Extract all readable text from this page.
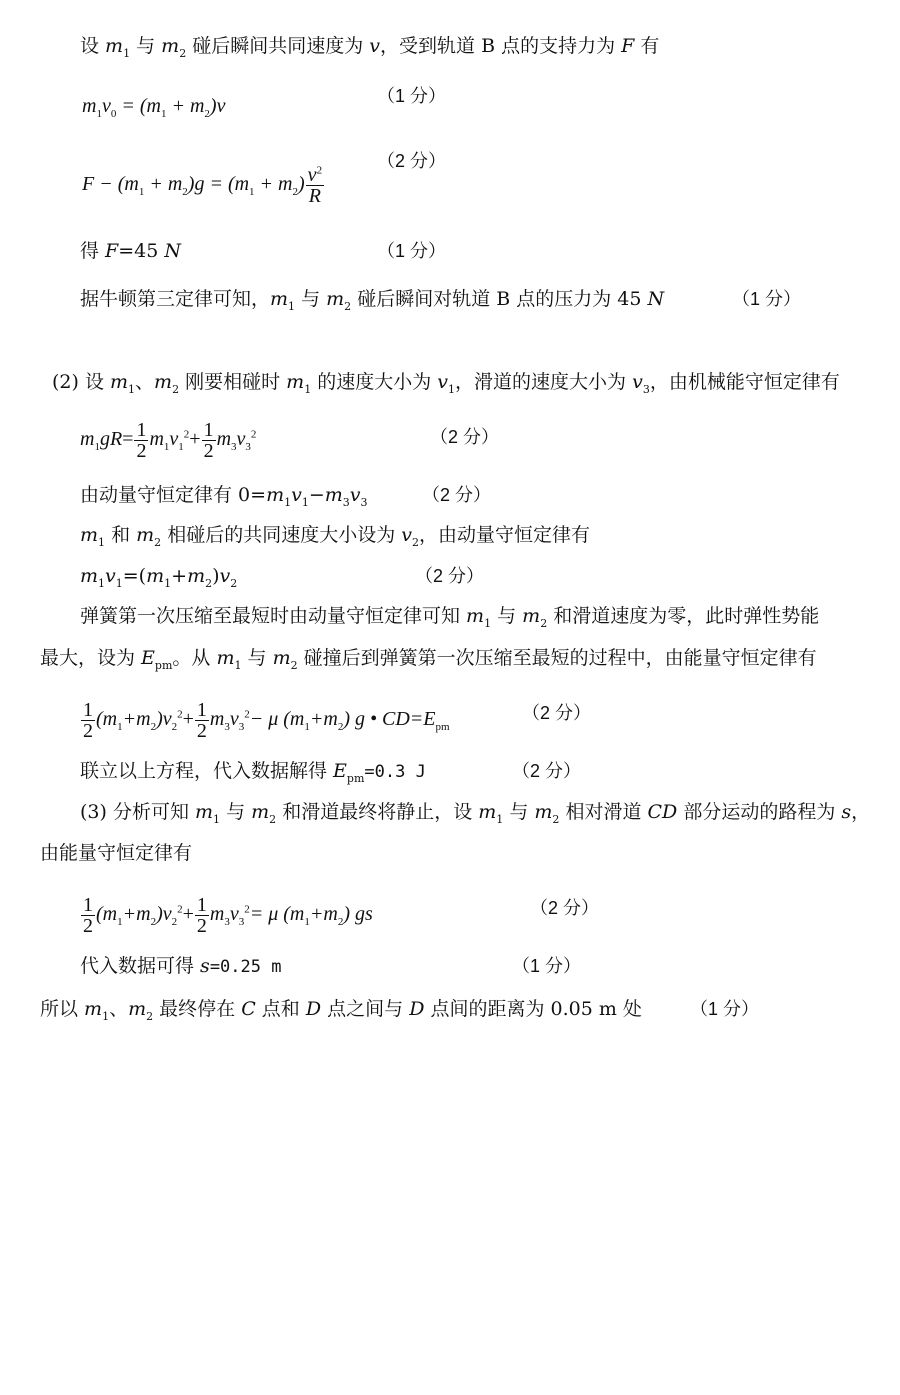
设 $m_1$ 与 $m_2$ 碰后瞬间共同速度为 v，受到轨道 B 点的支持力为 F 有
$m_1v_0 = (m_1 + m_2)v$	（1 分）
$F - (m_1 + m_2)g = (m_1 + m_2) \frac{v^2}{R}$
（2 分）
得 F=45 N	（1 分）
据牛顿第三定律可知，$m_1$ 与 $m_2$ 碰后瞬间对轨道 B 点的压力为 45 N	（1 分）
(2) 设 $m_1$、$m_2$ 刚要相碰时 $m_1$ 的速度大小为 $v_1$，滑道的速度大小为 $v_3$，由机械能守恒定律有
$m_1gR= \frac{1}{2} m_1v_1^2+ \frac{1}{2} m_3v_3^2$	（2 分）
由动量守恒定律有 $0=m_1v_1-m_3v_3$	（2 分）
$m_1$ 和 $m_2$ 相碰后的共同速度大小设为 $v_2$，由动量守恒定律有
$m_1v_1=(m_1+m_2)v_2$	（2 分）
弹簧第一次压缩至最短时由动量守恒定律可知 $m_1$ 与 $m_2$ 和滑道速度为零，此时弹性势能
最大，设为 $E_{pm}$。从 $m_1$ 与 $m_2$ 碰撞后到弹簧第一次压缩至最短的过程中，由能量守恒定律有
$\frac{1}{2} (m_1+m_2)v_2^2+ \frac{1}{2} m_3v_3^2- \mu$ $(m_1+m_2)$ g • $CD=E_{pm}$
（2 分）
联立以上方程，代入数据解得 $E_{pm}=0.3$ J	（2 分）
(3) 分析可知 $m_1$ 与 $m_2$ 和滑道最终将静止，设 $m_1$ 与 $m_2$ 相对滑道 CD 部分运动的路程为 s，
由能量守恒定律有
$\frac{1}{2} (m_1+m_2)v_2^2+ \frac{1}{2} m_3v_3^2= \mu$ $(m_1+m_2)$ gs	（2 分）
代入数据可得 s=0.25 m	（1 分）
所以 $m_1$、$m_2$ 最终停在 C 点和 D 点之间与 D 点间的距离为 0.05 m 处	（1 分）
